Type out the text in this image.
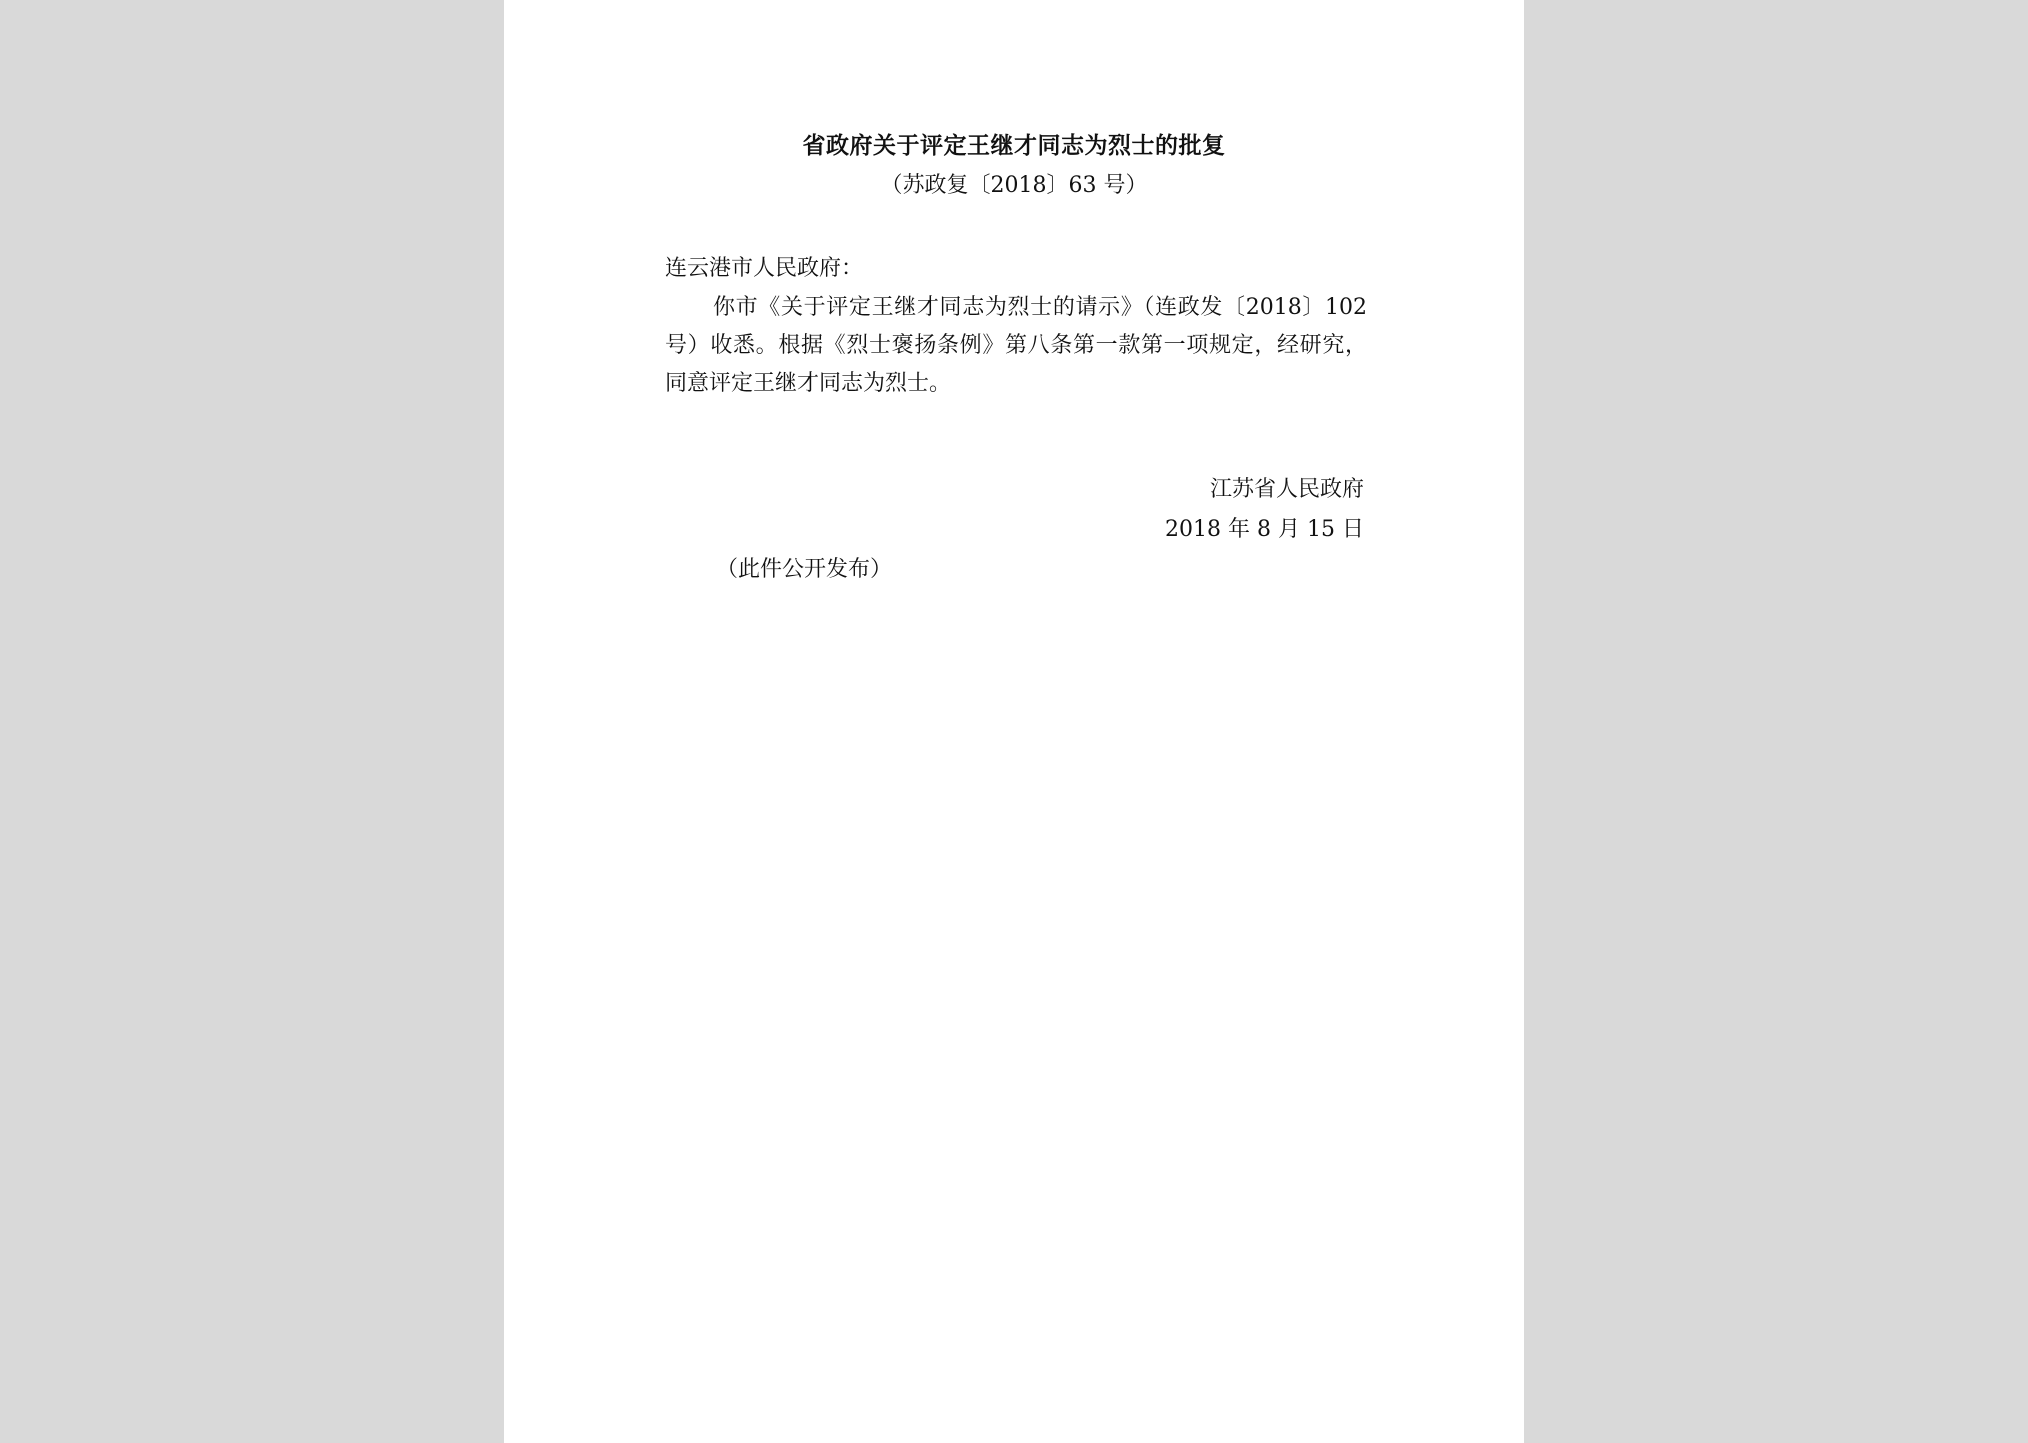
省政府关于评定王继才同志为烈士的批复
（苏政复〔2018〕63 号）
连云港市人民政府：
你市《关于评定王继才同志为烈士的请示》（连政发〔2018〕102 号）收悉。根据《烈士褒扬条例》第八条第一款第一项规定，经研究，同意评定王继才同志为烈士。
江苏省人民政府
2018 年 8 月 15 日
（此件公开发布）
